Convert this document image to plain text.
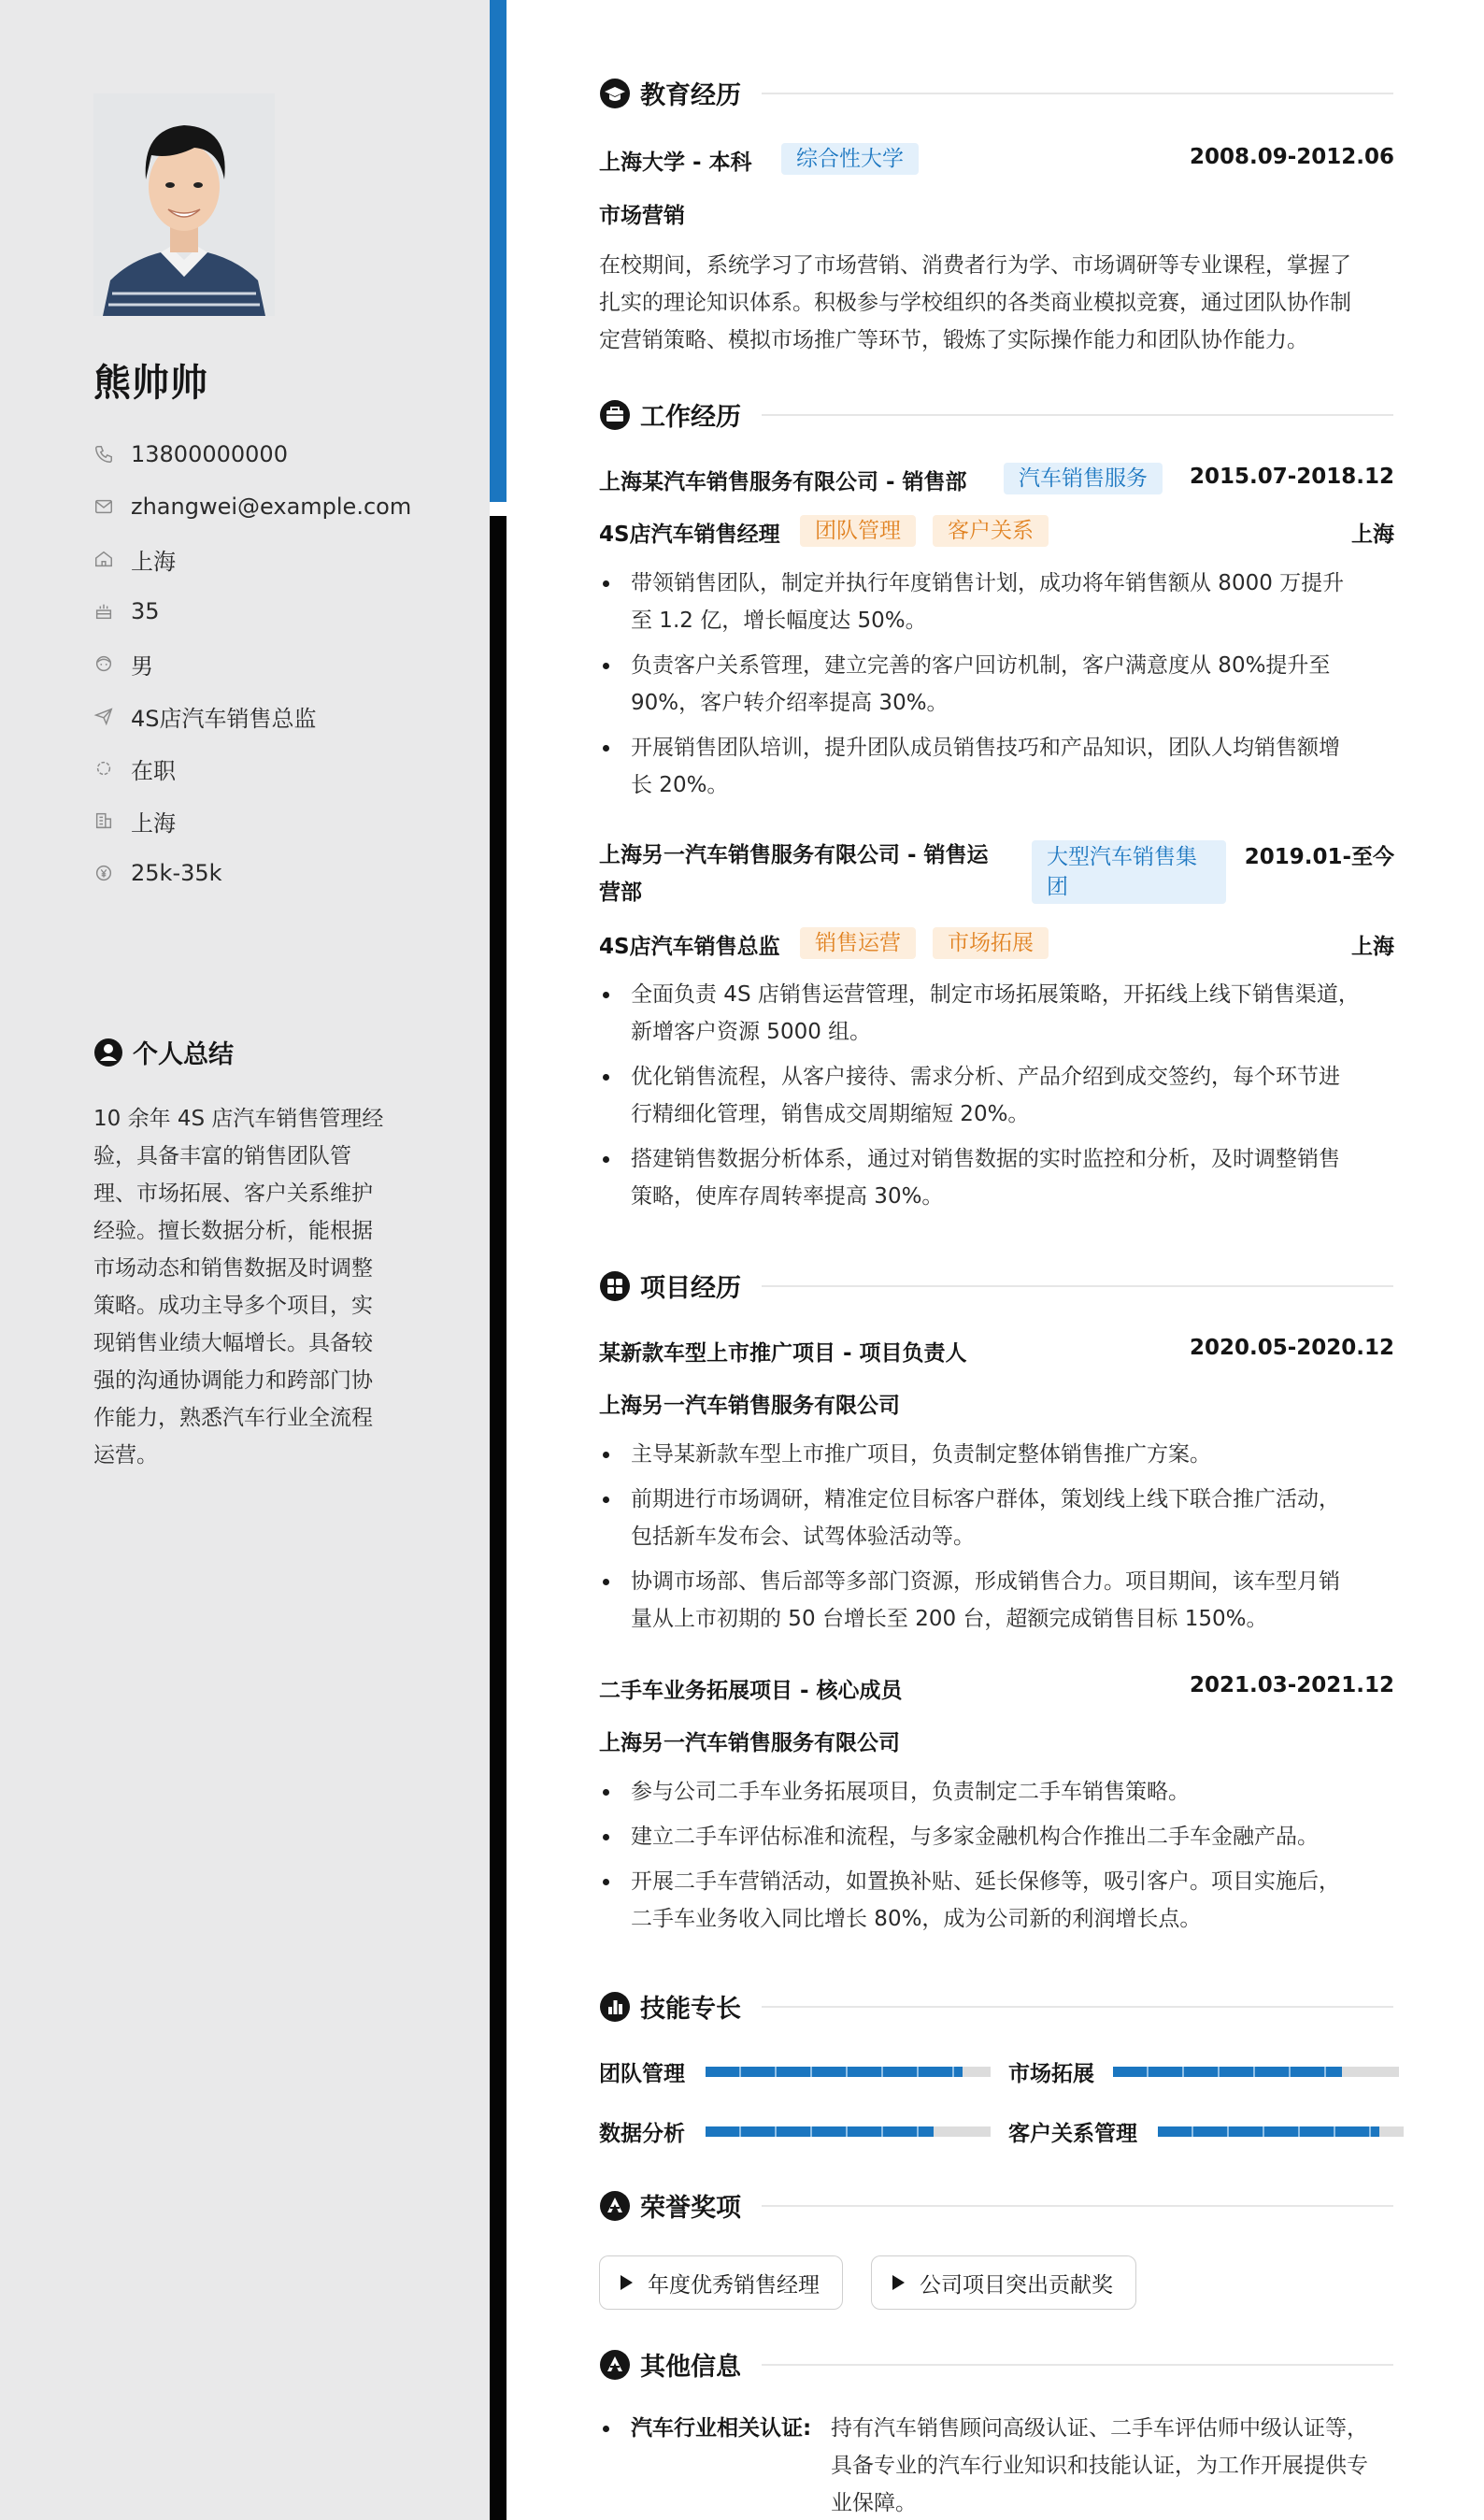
熊帅帅
13800000000
zhangwei@example.com
上海
35
男
4S店汽车销售总监
在职
上海
25k-35k
个人总结
10 余年 4S 店汽车销售管理经
验，具备丰富的销售团队管
理、市场拓展、客户关系维护
经验。擅长数据分析，能根据
市场动态和销售数据及时调整
策略。成功主导多个项目，实
现销售业绩大幅增长。具备较
强的沟通协调能力和跨部门协
作能力，熟悉汽车行业全流程
运营。
教育经历
上海大学 - 本科	综合性大学	2008.09-2012.06
市场营销
在校期间，系统学习了市场营销、消费者行为学、市场调研等专业课程，掌握了
扎实的理论知识体系。积极参与学校组织的各类商业模拟竞赛，通过团队协作制
定营销策略、模拟市场推广等环节，锻炼了实际操作能力和团队协作能力。
工作经历
上海某汽车销售服务有限公司 - 销售部	汽车销售服务	2015.07-2018.12
4S店汽车销售经理	团队管理	客户关系	上海
带领销售团队，制定并执行年度销售计划，成功将年销售额从 8000 万提升
至 1.2 亿，增长幅度达 50%。
负责客户关系管理，建立完善的客户回访机制，客户满意度从 80%提升至
90%，客户转介绍率提高 30%。
开展销售团队培训，提升团队成员销售技巧和产品知识，团队人均销售额增
长 20%。
上海另一汽车销售服务有限公司 - 销售运
营部
大型汽车销售集
团
2019.01-至今
4S店汽车销售总监	销售运营	市场拓展	上海
全面负责 4S 店销售运营管理，制定市场拓展策略，开拓线上线下销售渠道，
新增客户资源 5000 组。
优化销售流程，从客户接待、需求分析、产品介绍到成交签约，每个环节进
行精细化管理，销售成交周期缩短 20%。
搭建销售数据分析体系，通过对销售数据的实时监控和分析，及时调整销售
策略，使库存周转率提高 30%。
项目经历
某新款车型上市推广项目 - 项目负责人	2020.05-2020.12
上海另一汽车销售服务有限公司
主导某新款车型上市推广项目，负责制定整体销售推广方案。
前期进行市场调研，精准定位目标客户群体，策划线上线下联合推广活动，
包括新车发布会、试驾体验活动等。
协调市场部、售后部等多部门资源，形成销售合力。项目期间，该车型月销
量从上市初期的 50 台增长至 200 台，超额完成销售目标 150%。
二手车业务拓展项目 - 核心成员	2021.03-2021.12
上海另一汽车销售服务有限公司
参与公司二手车业务拓展项目，负责制定二手车销售策略。
建立二手车评估标准和流程，与多家金融机构合作推出二手车金融产品。
开展二手车营销活动，如置换补贴、延长保修等，吸引客户。项目实施后，
二手车业务收入同比增长 80%，成为公司新的利润增长点。
技能专长
团队管理	市场拓展
数据分析	客户关系管理
荣誉奖项
年度优秀销售经理	公司项目突出贡献奖
其他信息
汽车行业相关认证: 持有汽车销售顾问高级认证、二手车评估师中级认证等，
具备专业的汽车行业知识和技能认证，为工作开展提供专
业保障。
